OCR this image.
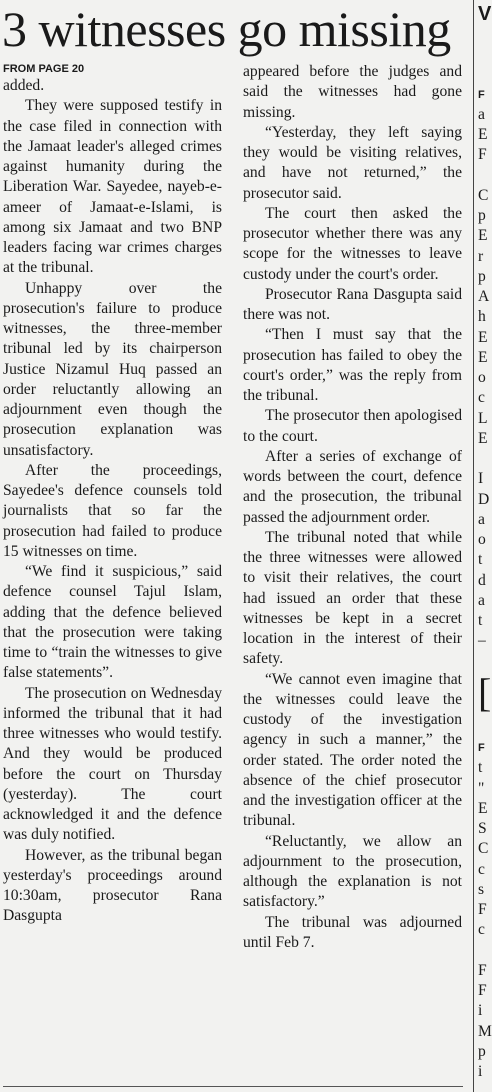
3 witnesses go missing
FROM PAGE 20

added.

They were supposed testify in the case filed in connection with the Jamaat leader's alleged crimes against humanity during the Liberation War. Sayedee, nayeb-e-ameer of Jamaat-e-Islami, is among six Jamaat and two BNP leaders facing war crimes charges at the tribunal.

Unhappy over the prosecution's failure to produce witnesses, the three-member tribunal led by its chairperson Justice Nizamul Huq passed an order reluctantly allowing an adjournment even though the prosecution explanation was unsatisfactory.

After the proceedings, Sayedee's defence counsels told journalists that so far the prosecution had failed to produce 15 witnesses on time.

“We find it suspicious,” said defence counsel Tajul Islam, adding that the defence believed that the prosecution were taking time to “train the witnesses to give false statements”.

The prosecution on Wednesday informed the tribunal that it had three witnesses who would testify. And they would be produced before the court on Thursday (yesterday). The court acknowledged it and the defence was duly notified.

However, as the tribunal began yesterday's proceedings around 10:30am, prosecutor Rana Dasgupta

appeared before the judges and said the witnesses had gone missing.

“Yesterday, they left saying they would be visiting relatives, and have not returned,” the prosecutor said.

The court then asked the prosecutor whether there was any scope for the witnesses to leave custody under the court's order.

Prosecutor Rana Dasgupta said there was not.

“Then I must say that the prosecution has failed to obey the court's order,” was the reply from the tribunal.

The prosecutor then apologised to the court.

After a series of exchange of words between the court, defence and the prosecution, the tribunal passed the adjournment order.

The tribunal noted that while the three witnesses were allowed to visit their relatives, the court had issued an order that these witnesses be kept in a secret location in the interest of their safety.

“We cannot even imagine that the witnesses could leave the custody of the investigation agency in such a manner,” the order stated. The order noted the absence of the chief prosecutor and the investigation officer at the tribunal.

“Reluctantly, we allow an adjournment to the prosecution, although the explanation is not satisfactory.”

The tribunal was adjourned until Feb 7.

V
F
a
E
F
C
p
E
r
p
A
h
E
E
o
c
L
E
I
D
a
o
t
d
a
t
–
[
F
t
"
E
S
C
c
s
F
c
F
F
i
M
p
i
